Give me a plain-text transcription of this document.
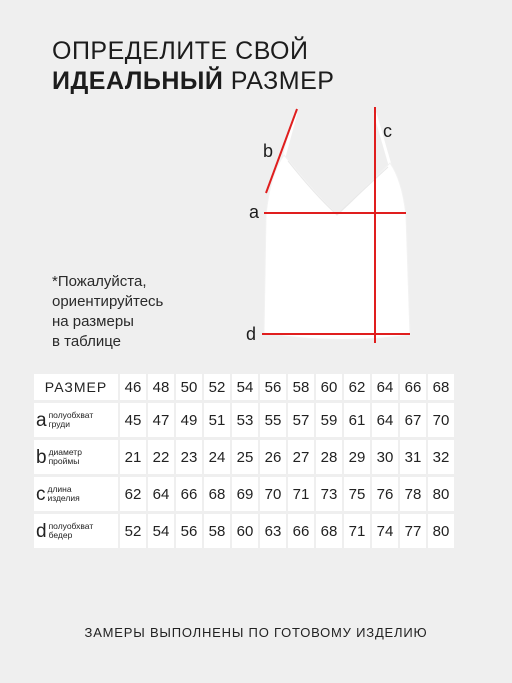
ОПРЕДЕЛИТЕ СВОЙ
ИДЕАЛЬНЫЙ РАЗМЕР
*Пожалуйста,
ориентируйтесь
на размеры
в таблице
b
c
a
d
РАЗМЕР	46 48 50 52 54 56 58 60 62 64 66 68
a полуобхват
груди	45 47 49 51 53 55 57 59 61 64 67 70
b диаметр
проймы	21 22 23 24 25 26 27 28 29 30 31 32
c длина
изделия	62 64 66 68 69 70 71 73 75 76 78 80
d полуобхват
бедер	52 54 56 58 60 63 66 68 71 74 77 80
ЗАМЕРЫ ВЫПОЛНЕНЫ ПО ГОТОВОМУ ИЗДЕЛИЮ
